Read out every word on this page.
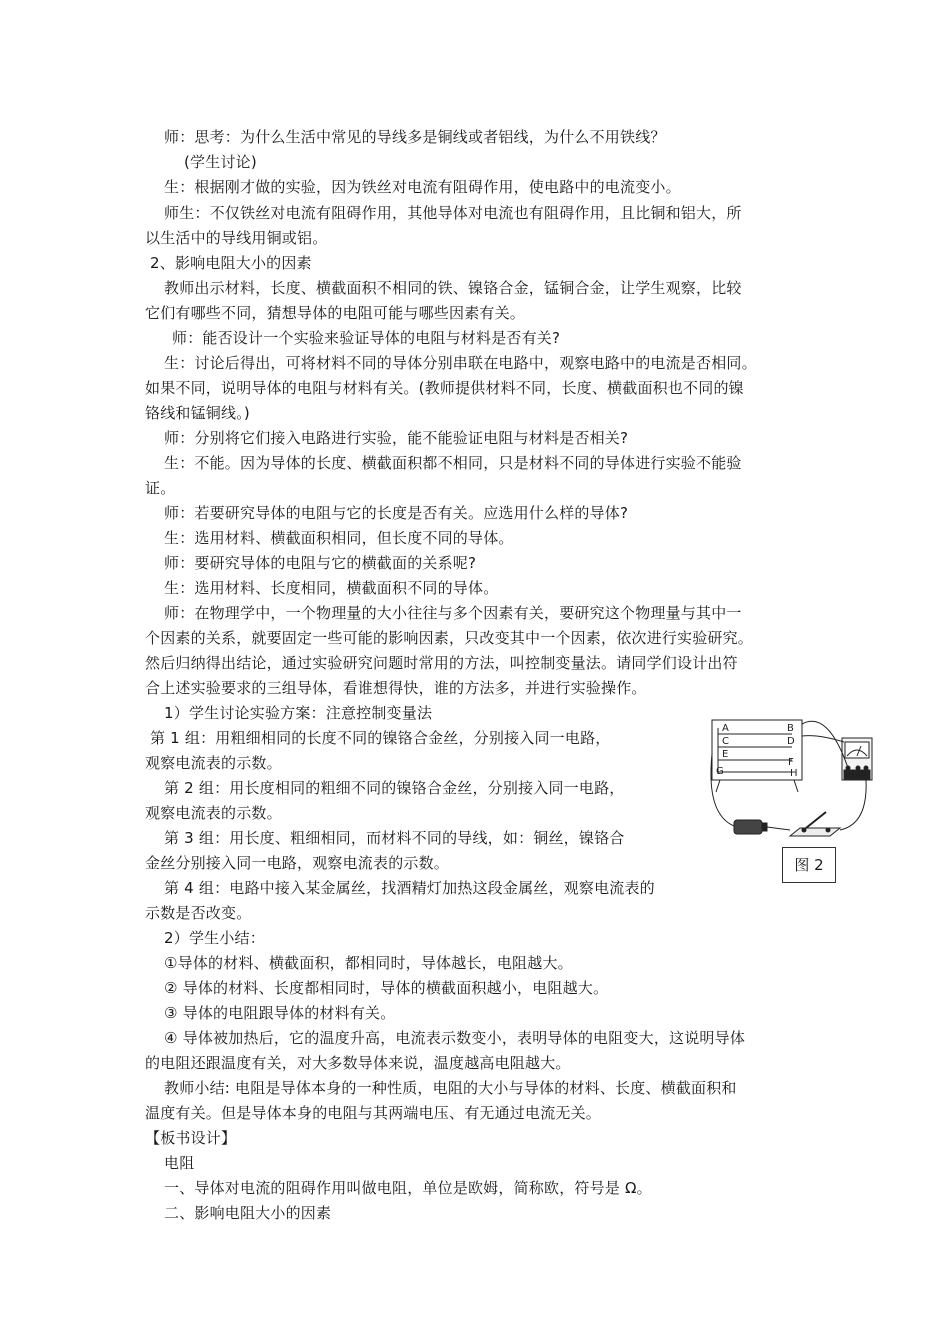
师：思考：为什么生活中常见的导线多是铜线或者铝线，为什么不用铁线？
(学生讨论)
生：根据刚才做的实验，因为铁丝对电流有阻碍作用，使电路中的电流变小。
师生：不仅铁丝对电流有阻碍作用，其他导体对电流也有阻碍作用，且比铜和铝大，所
以生活中的导线用铜或铝。
2、影响电阻大小的因素
教师出示材料，长度、横截面积不相同的铁、镍铬合金，锰铜合金，让学生观察，比较
它们有哪些不同，猜想导体的电阻可能与哪些因素有关。
师：能否设计一个实验来验证导体的电阻与材料是否有关?
生：讨论后得出，可将材料不同的导体分别串联在电路中，观察电路中的电流是否相同。
如果不同，说明导体的电阻与材料有关。(教师提供材料不同，长度、横截面积也不同的镍
铬线和锰铜线。)
师：分别将它们接入电路进行实验，能不能验证电阻与材料是否相关?
生：不能。因为导体的长度、横截面积都不相同，只是材料不同的导体进行实验不能验
证。
师：若要研究导体的电阻与它的长度是否有关。应选用什么样的导体?
生：选用材料、横截面积相同，但长度不同的导体。
师：要研究导体的电阻与它的横截面的关系呢?
生：选用材料、长度相同，横截面积不同的导体。
师：在物理学中，一个物理量的大小往往与多个因素有关，要研究这个物理量与其中一
个因素的关系，就要固定一些可能的影响因素，只改变其中一个因素，依次进行实验研究。
然后归纳得出结论，通过实验研究问题时常用的方法，叫控制变量法。请同学们设计出符
合上述实验要求的三组导体，看谁想得快，谁的方法多，并进行实验操作。
1）学生讨论实验方案：注意控制变量法
第 1 组：用粗细相同的长度不同的镍铬合金丝，分别接入同一电路，
观察电流表的示数。
第 2 组：用长度相同的粗细不同的镍铬合金丝，分别接入同一电路，
观察电流表的示数。
第 3 组：用长度、粗细相同，而材料不同的导线，如：铜丝，镍铬合
金丝分别接入同一电路，观察电流表的示数。
第 4 组：电路中接入某金属丝，找酒精灯加热这段金属丝，观察电流表的
示数是否改变。
2）学生小结：
①导体的材料、横截面积，都相同时，导体越长，电阻越大。
② 导体的材料、长度都相同时，导体的横截面积越小，电阻越大。
③ 导体的电阻跟导体的材料有关。
④ 导体被加热后，它的温度升高，电流表示数变小，表明导体的电阻变大，这说明导体
的电阻还跟温度有关，对大多数导体来说，温度越高电阻越大。
教师小结: 电阻是导体本身的一种性质，电阻的大小与导体的材料、长度、横截面积和
温度有关。但是导体本身的电阻与其两端电压、有无通过电流无关。
【板书设计】
电阻
一、导体对电流的阻碍作用叫做电阻，单位是欧姆，简称欧，符号是 Ω。
二、影响电阻大小的因素
A	B
C	D
E
F
G	H
图 2
